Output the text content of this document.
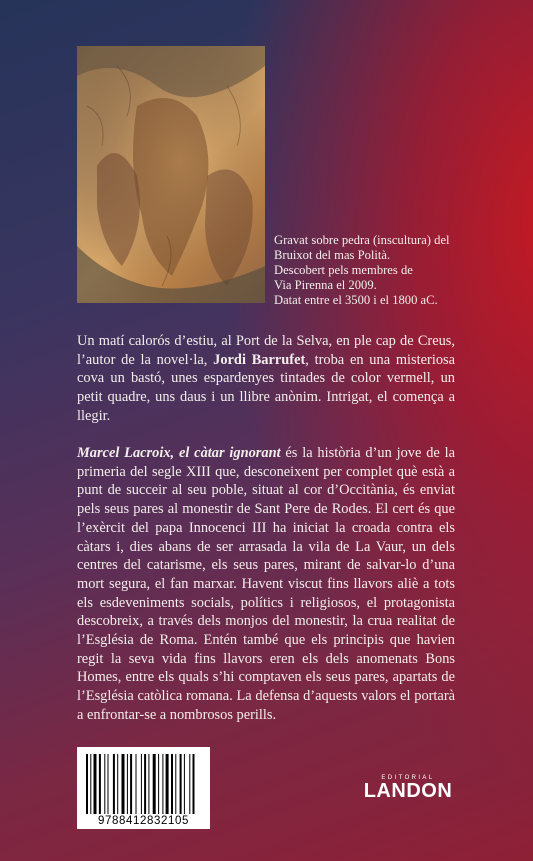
Gravat sobre pedra (inscultura) del
Bruixot del mas Polità.
Descobert pels membres de
Via Pirenna el 2009.
Datat entre el 3500 i el 1800 aC.

Un matí calorós d’estiu, al Port de la Selva, en ple cap de Creus, l’autor de la novel·la, Jordi Barrufet, troba en una misteriosa cova un bastó, unes espardenyes tintades de color vermell, un petit quadre, uns daus i un llibre anònim. Intrigat, el comença a llegir.

Marcel Lacroix, el càtar ignorant és la història d’un jove de la primeria del segle XIII que, desconeixent per complet què està a punt de succeir al seu poble, situat al cor d’Occitània, és enviat pels seus pares al monestir de Sant Pere de Rodes. El cert és que l’exèrcit del papa Innocenci III ha iniciat la croada contra els càtars i, dies abans de ser arrasada la vila de La Vaur, un dels centres del catarisme, els seus pares, mirant de salvar-lo d’una mort segura, el fan marxar. Havent viscut fins llavors aliè a tots els esdeveniments socials, polítics i religiosos, el protagonista descobreix, a través dels monjos del monestir, la crua realitat de l’Església de Roma. Entén també que els principis que havien regit la seva vida fins llavors eren els dels anomenats Bons Homes, entre els quals s’hi comptaven els seus pares, apartats de l’Església catòlica romana. La defensa d’aquests valors el portarà a enfrontar-se a nombrosos perills.

9788412832105
EDITORIAL
LANDON
